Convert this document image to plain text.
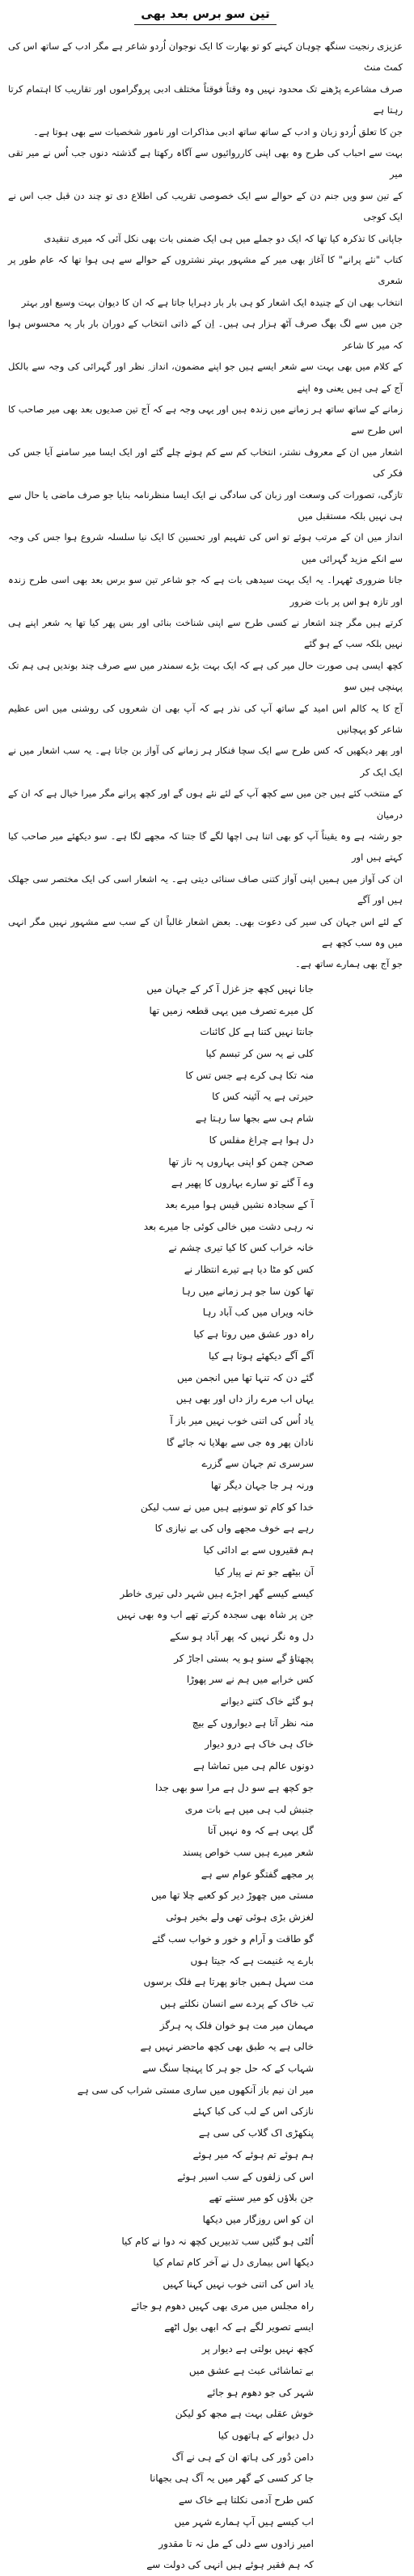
تین سو برس بعد بھی

عزیزی رنجیت سنگھ چوہان کہنے کو تو بھارت کا ایک نوجوان اُردو شاعر ہے مگر ادب کے ساتھ اس کی کمٹ منٹ

صرف مشاعرے پڑھنے تک محدود نہیں وہ وقتاً فوقتاً مختلف ادبی پروگراموں اور تقاریب کا اہتمام کرتا رہتا ہے

جن کا تعلق اُردو زبان و ادب کے ساتھ ساتھ ادبی مذاکرات اور نامور شخصیات سے بھی ہوتا ہے۔

بہت سے احباب کی طرح وہ بھی اپنی کارروائیوں سے آگاہ رکھتا ہے گذشتہ دنوں جب اُس نے میر تقی میر

کے تین سو ویں جنم دن کے حوالے سے ایک خصوصی تقریب کی اطلاع دی تو چند دن قبل جب اس نے ایک کوجی

جاپانی کا تذکرہ کیا تھا کہ ایک دو جملے میں ہی ایک ضمنی بات بھی نکل آئی کہ میری تنقیدی

کتاب "نئے پرانے" کا آغاز بھی میر کے مشہور بہتر نشتروں کے حوالے سے ہی ہوا تھا کہ عام طور پر شعری

انتخاب بھی ان کے چنیدہ ایک اشعار کو ہی بار بار دہرایا جاتا ہے کہ ان کا دیوان بہت وسیع اور بہتر

جن میں سے لگ بھگ صرف آٹھ ہزار ہی ہیں۔ اِن کے ذاتی انتخاب کے دوران بار بار یہ محسوس ہوا کہ میر کا شاعر

کے کلام میں بھی بہت سے شعر ایسے ہیں جو اپنے مضمون، انداز ِ نظر اور گہرائی کی وجہ سے بالکل آج کے ہی ہیں یعنی وہ اپنے

زمانے کے ساتھ ساتھ ہر زمانے میں زندہ ہیں اور یہی وجہ ہے کہ آج تین صدیوں بعد بھی میر صاحب کا اس طرح سے

اشعار میں ان کے معروف نشتر، انتخاب کم سے کم ہوتے چلے گئے اور ایک ایسا میر سامنے آیا جس کی فکر کی

تازگی، تصورات کی وسعت اور زبان کی سادگی نے ایک ایسا منظرنامہ بنایا جو صرف ماضی یا حال سے ہی نہیں بلکہ مستقبل میں

انداز میں ان کے مرتب ہوئے تو اس کی تفہیم اور تحسین کا ایک نیا سلسلہ شروع ہوا جس کی وجہ سے انکے مزید گہرائی میں

جانا ضروری ٹھہرا۔ یہ ایک بہت سیدھی بات ہے کہ جو شاعر تین سو برس بعد بھی اسی طرح زندہ اور تازہ ہو اس پر بات ضرور

کرتے ہیں مگر چند اشعار نے کسی طرح سے اپنی شناخت بنائی اور بس پھر کیا تھا یہ شعر اپنے ہی نہیں بلکہ سب کے ہو گئے

کچھ ایسی ہی صورت حال میر کی ہے کہ ایک بہت بڑے سمندر میں سے صرف چند بوندیں ہی ہم تک پہنچی ہیں سو

آج کا یہ کالم اس امید کے ساتھ آپ کی نذر ہے کہ آپ بھی ان شعروں کی روشنی میں اس عظیم شاعر کو پہچانیں

اور پھر دیکھیں کہ کس طرح سے ایک سچا فنکار ہر زمانے کی آواز بن جاتا ہے۔ یہ سب اشعار میں نے ایک ایک کر

کے منتخب کئے ہیں جن میں سے کچھ آپ کے لئے نئے ہوں گے اور کچھ پرانے مگر میرا خیال ہے کہ ان کے درمیان

جو رشتہ ہے وہ یقیناً آپ کو بھی اتنا ہی اچھا لگے گا جتنا کہ مجھے لگا ہے۔ سو دیکھئے میر صاحب کیا کہتے ہیں اور

ان کی آواز میں ہمیں اپنی آواز کتنی صاف سنائی دیتی ہے۔ یہ اشعار اسی کی ایک مختصر سی جھلک ہیں اور آگے

کے لئے اس جہان کی سیر کی دعوت بھی۔ بعض اشعار غالباً ان کے سب سے مشہور نہیں مگر انہی میں وہ سب کچھ ہے

جو آج بھی ہمارے ساتھ ہے۔

جانا نہیں کچھ جز غزل آ کر کے جہان میں

کل میرے تصرف میں یہی قطعہ زمیں تھا

جانتا نہیں کتنا ہے کل کائنات

کلی نے یہ سن کر تبسم کیا

منہ تکا ہی کرے ہے جس تس کا

حیرتی ہے یہ آئینہ کس کا

شام ہی سے بجھا سا رہتا ہے

دل ہوا ہے چراغ مفلس کا

صحن چمن کو اپنی بہاروں پہ ناز تھا

وے آ گئے تو سارے بہاروں کا پھیر ہے

آ کے سجادہ نشیں قیس ہوا میرے بعد

نہ رہی دشت میں خالی کوئی جا میرے بعد

خانہ خراب کس کا کیا تیری چشم نے

کس کو مٹا دیا ہے تیرے انتظار نے

تھا کون سا جو ہر زمانے میں رہا

خانہ ویراں میں کب آباد رہا

راہ دور عشق میں روتا ہے کیا

آگے آگے دیکھئے ہوتا ہے کیا

گئے دن کہ تنہا تھا میں انجمن میں

یہاں اب مرے راز داں اور بھی ہیں

یاد اُس کی اتنی خوب نہیں میر باز آ

نادان پھر وہ جی سے بھلایا نہ جائے گا

سرسری تم جہان سے گزرے

ورنہ ہر جا جہان دیگر تھا

خدا کو کام تو سونپے ہیں میں نے سب لیکن

رہے ہے خوف مجھے واں کی بے نیازی کا

ہم فقیروں سے بے ادائی کیا

آن بیٹھے جو تم نے پیار کیا

کیسے کیسے گھر اجڑے ہیں شہر دلی تیری خاطر

جن پر شاہ بھی سجدہ کرتے تھے اب وہ بھی نہیں

دل وہ نگر نہیں کہ پھر آباد ہو سکے

پچھتاؤ گے سنو ہو یہ بستی اجاڑ کر

کس خرابے میں ہم نے سر پھوڑا

ہو گئے خاک کتنے دیوانے

منہ نظر آتا ہے دیواروں کے بیچ

خاک ہی خاک ہے درو دیوار

دونوں عالم ہی میں تماشا ہے

جو کچھ ہے سو دل ہے مرا سو بھی جدا

جنبش لب ہی میں ہے بات مری

گل یہی ہے کہ وہ نہیں آتا

شعر میرے ہیں سب خواص پسند

پر مجھے گفتگو عوام سے ہے

مستی میں چھوڑ دیر کو کعبے چلا تھا میں

لغزش بڑی ہوئی تھی ولے بخیر ہوئی

گو طاقت و آرام و خور و خواب سب گئے

بارے یہ غنیمت ہے کہ جیتا ہوں

مت سہل ہمیں جانو پھرتا ہے فلک برسوں

تب خاک کے پردے سے انسان نکلتے ہیں

مہمان میر مت ہو خوان فلک پہ ہرگز

خالی ہے یہ طبق بھی کچھ ماحضر نہیں ہے

شہاب کے کہ حل جو ہر کا پہنچا سنگ سے

میر ان نیم باز آنکھوں میں ساری مستی شراب کی سی ہے

نازکی اس کے لب کی کیا کہئے

پنکھڑی اک گلاب کی سی ہے

ہم ہوئے تم ہوئے کہ میر ہوئے

اس کی زلفوں کے سب اسیر ہوئے

جن بلاؤں کو میر سنتے تھے

ان کو اس روزگار میں دیکھا

اُلٹی ہو گئیں سب تدبیریں کچھ نہ دوا نے کام کیا

دیکھا اس بیماری دل نے آخر کام تمام کیا

یاد اس کی اتنی خوب نہیں کہنا کہیں

راہ مجلس میں مری بھی کہیں دھوم ہو جائے

ایسے تصویر لگے ہے کہ ابھی بول اٹھے

کچھ نہیں بولتی ہے دیوار پر

بے تماشائی عبث ہے عشق میں

شہر کی جو دھوم ہو جائے

خوش عقلی بہت ہے مجھ کو لیکن

دل دیوانے کے ہاتھوں کیا

دامن دُور کی ہاتھ ان کے ہی نے آگ

جا کر کسی کے گھر میں یہ آگ ہی بجھانا

کس طرح آدمی نکلتا ہے خاک سے

اب کیسے ہیں آپ ہمارے شہر میں

امیر زادوں سے دلی کے مل نہ تا مقدور

کہ ہم فقیر ہوئے ہیں انہی کی دولت سے
